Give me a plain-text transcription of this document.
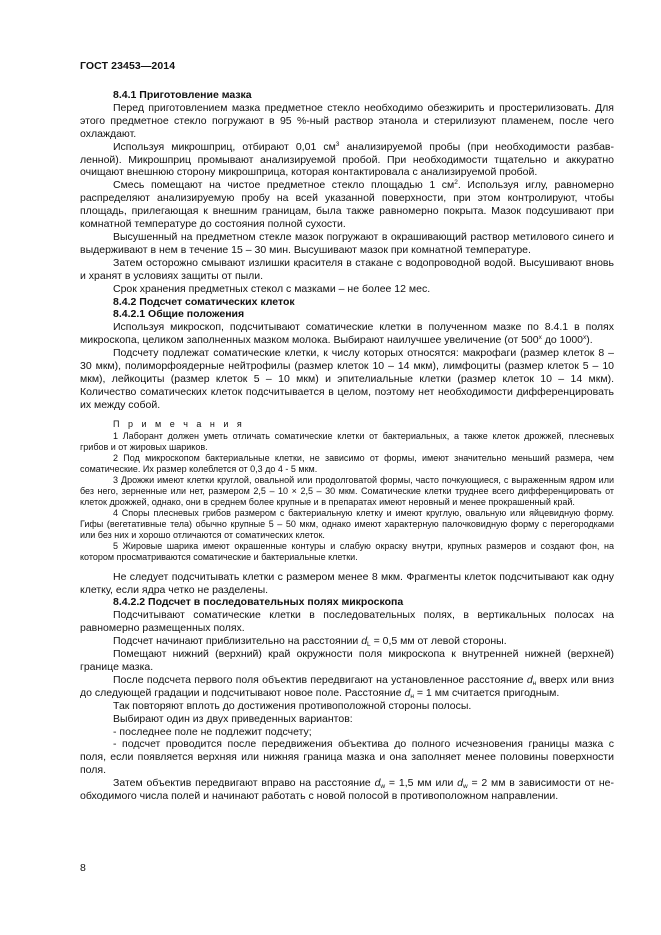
ГОСТ 23453—2014

8.4.1 Приготовление мазка

Перед приготовлением мазка предметное стекло необходимо обезжирить и простерилизовать. Для этого предметное стекло погружают в 95 %-ный раствор этанола и стерилизуют пламенем, после чего охлаждают.

Используя микрошприц, отбирают 0,01 $см^3$ анализируемой пробы (при необходимости разбавленной). Микрошприц промывают анализируемой пробой. При необходимости тщательно и аккуратно очищают внешнюю сторону микрошприца, которая контактировала с анализируемой пробой.

Смесь помещают на чистое предметное стекло площадью 1 $см^2$. Используя иглу, равномерно распределяют анализируемую пробу на всей указанной поверхности, при этом контролируют, чтобы площадь, прилегающая к внешним границам, была также равномерно покрыта. Мазок подсушивают при комнатной температуре до состояния полной сухости.

Высушенный на предметном стекле мазок погружают в окрашивающий раствор метилового синего и выдерживают в нем в течение 15 – 30 мин. Высушивают мазок при комнатной температуре.

Затем осторожно смывают излишки красителя в стакане с водопроводной водой. Высушивают вновь и хранят в условиях защиты от пыли.

Срок хранения предметных стекол с мазками – не более 12 мес.

8.4.2 Подсчет соматических клеток

8.4.2.1 Общие положения

Используя микроскоп, подсчитывают соматические клетки в полученном мазке по 8.4.1 в полях микроскопа, целиком заполненных мазком молока. Выбирают наилучшее увеличение (от $500^х$ до $1000^х$).

Подсчету подлежат соматические клетки, к числу которых относятся: макрофаги (размер клеток 8 – 30 мкм), полиморфоядерные нейтрофилы (размер клеток 10 – 14 мкм), лимфоциты (размер клеток 5 – 10 мкм), лейкоциты (размер клеток 5 – 10 мкм) и эпителиальные клетки (размер клеток 10 – 14 мкм). Количество соматических клеток подсчитывается в целом, поэтому нет необходимости дифференцировать их между собой.

П р и м е ч а н и я

1 Лаборант должен уметь отличать соматические клетки от бактериальных, а также клеток дрожжей, плесневых грибов и от жировых шариков.

2 Под микроскопом бактериальные клетки, не зависимо от формы, имеют значительно меньший размера, чем соматические. Их размер колеблется от 0,3 до 4 - 5 мкм.

3 Дрожжи имеют клетки круглой, овальной или продолговатой формы, часто почкующиеся, с выраженным ядром или без него, зерненные или нет, размером 2,5 – 10 × 2,5 – 30 мкм. Соматические клетки труднее всего дифференцировать от клеток дрожжей, однако, они в среднем более крупные и в препаратах имеют неровный и менее прокрашенный край.

4 Споры плесневых грибов размером с бактериальную клетку и имеют круглую, овальную или яйцевидную форму. Гифы (вегетативные тела) обычно крупные 5 – 50 мкм, однако имеют характерную палочковидную форму с перегородками или без них и хорошо отличаются от соматических клеток.

5 Жировые шарика имеют окрашенные контуры и слабую окраску внутри, крупных размеров и создают фон, на котором просматриваются соматические и бактериальные клетки.

Не следует подсчитывать клетки с размером менее 8 мкм. Фрагменты клеток подсчитывают как одну клетку, если ядра четко не разделены.

8.4.2.2 Подсчет в последовательных полях микроскопа

Подсчитывают соматические клетки в последовательных полях, в вертикальных полосах на равномерно размещенных полях.

Подсчет начинают приблизительно на расстоянии $d_L = 0,5$ мм от левой стороны.

Помещают нижний (верхний) край окружности поля микроскопа к внутренней нижней (верхней) границе мазка.

После подсчета первого поля объектив передвигают на установленное расстояние $d_н$ вверх или вниз до следующей градации и подсчитывают новое поле. Расстояние $d_н = 1$ мм считается пригодным.

Так повторяют вплоть до достижения противоположной стороны полосы.

Выбирают один из двух приведенных вариантов:

- последнее поле не подлежит подсчету;

- подсчет проводится после передвижения объектива до полного исчезновения границы мазка с поля, если появляется верхняя или нижняя граница мазка и она заполняет менее половины поверхности поля.

Затем объектив передвигают вправо на расстояние $d_w = 1,5$ мм или $d_w = 2$ мм в зависимости от необходимого числа полей и начинают работать с новой полосой в противоположном направлении.

8
